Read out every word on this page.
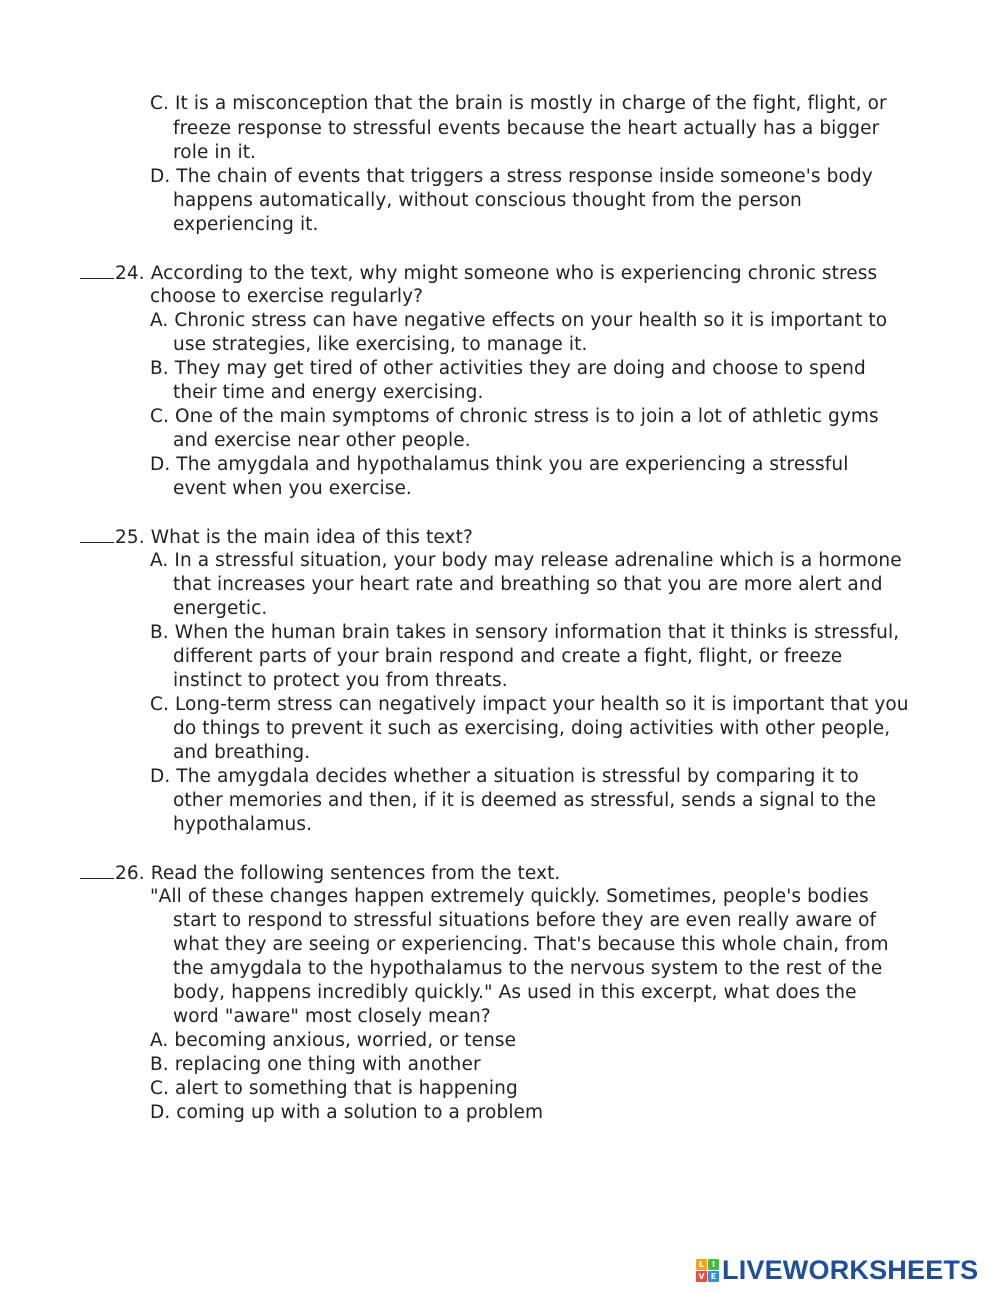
C. It is a misconception that the brain is mostly in charge of the fight, flight, or
freeze response to stressful events because the heart actually has a bigger
role in it.
D. The chain of events that triggers a stress response inside someone's body
happens automatically, without conscious thought from the person
experiencing it.
24. According to the text, why might someone who is experiencing chronic stress
choose to exercise regularly?
A. Chronic stress can have negative effects on your health so it is important to
use strategies, like exercising, to manage it.
B. They may get tired of other activities they are doing and choose to spend
their time and energy exercising.
C. One of the main symptoms of chronic stress is to join a lot of athletic gyms
and exercise near other people.
D. The amygdala and hypothalamus think you are experiencing a stressful
event when you exercise.
25. What is the main idea of this text?
A. In a stressful situation, your body may release adrenaline which is a hormone
that increases your heart rate and breathing so that you are more alert and
energetic.
B. When the human brain takes in sensory information that it thinks is stressful,
different parts of your brain respond and create a fight, flight, or freeze
instinct to protect you from threats.
C. Long-term stress can negatively impact your health so it is important that you
do things to prevent it such as exercising, doing activities with other people,
and breathing.
D. The amygdala decides whether a situation is stressful by comparing it to
other memories and then, if it is deemed as stressful, sends a signal to the
hypothalamus.
26. Read the following sentences from the text.
"All of these changes happen extremely quickly. Sometimes, people's bodies
start to respond to stressful situations before they are even really aware of
what they are seeing or experiencing. That's because this whole chain, from
the amygdala to the hypothalamus to the nervous system to the rest of the
body, happens incredibly quickly." As used in this excerpt, what does the
word "aware" most closely mean?
A. becoming anxious, worried, or tense
B. replacing one thing with another
C. alert to something that is happening
D. coming up with a solution to a problem
L I
V E LIVEWORKSHEETS
